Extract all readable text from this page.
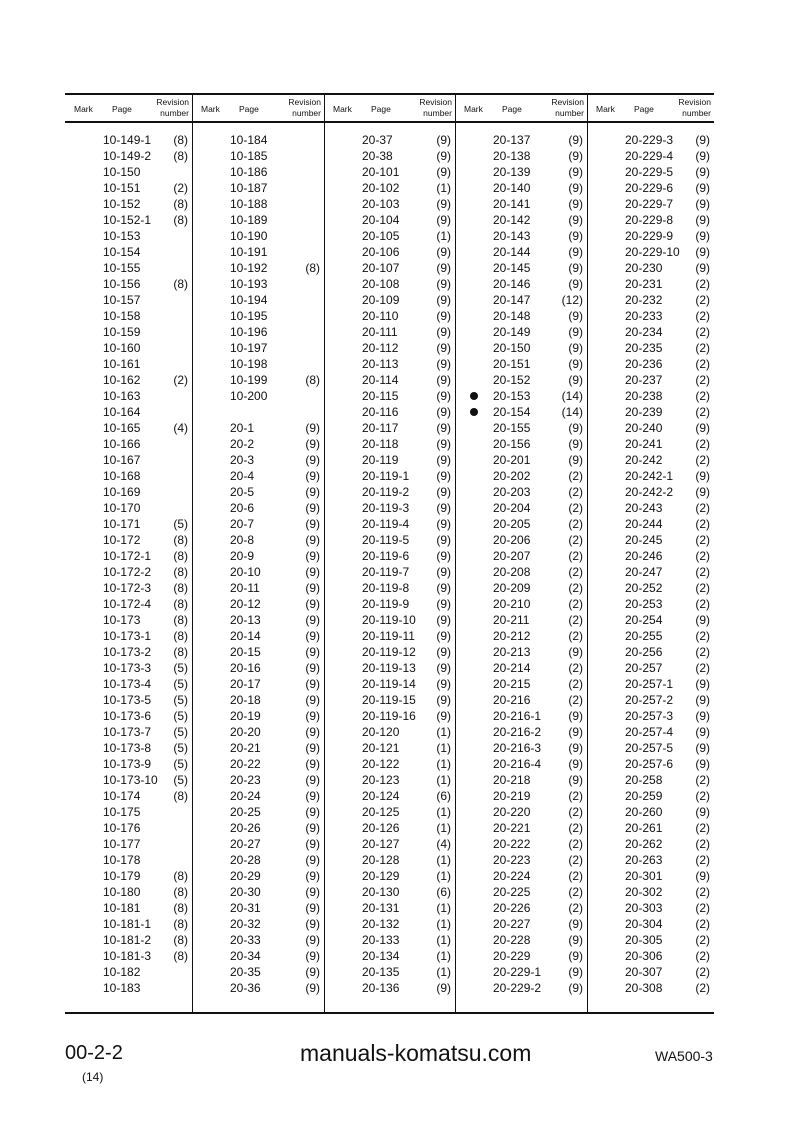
Mark Page
Revision
number
10-149-1 (8)
10-149-2 (8)
10-150
10-151	(2)
10-152	(8)
10-152-1 (8)
10-153
10-154
10-155
10-156	(8)
10-157
10-158
10-159
10-160
10-161
10-162	(2)
10-163
10-164
10-165	(4)
10-166
10-167
10-168
10-169
10-170
10-171	(5)
10-172	(8)
10-172-1 (8)
10-172-2 (8)
10-172-3 (8)
10-172-4 (8)
10-173	(8)
10-173-1 (8)
10-173-2 (8)
10-173-3 (5)
10-173-4 (5)
10-173-5 (5)
10-173-6 (5)
10-173-7 (5)
10-173-8 (5)
10-173-9 (5)
10-173-10 (5)
10-174	(8)
10-175
10-176
10-177
10-178
10-179	(8)
10-180	(8)
10-181	(8)
10-181-1 (8)
10-181-2 (8)
10-181-3 (8)
10-182
10-183
Mark Page
Revision
number
10-184
10-185
10-186
10-187
10-188
10-189
10-190
10-191
10-192	(8)
10-193
10-194
10-195
10-196
10-197
10-198
10-199	(8)
10-200
20-1	(9)
20-2	(9)
20-3	(9)
20-4	(9)
20-5	(9)
20-6	(9)
20-7	(9)
20-8	(9)
20-9	(9)
20-10	(9)
20-11	(9)
20-12	(9)
20-13	(9)
20-14	(9)
20-15	(9)
20-16	(9)
20-17	(9)
20-18	(9)
20-19	(9)
20-20	(9)
20-21	(9)
20-22	(9)
20-23	(9)
20-24	(9)
20-25	(9)
20-26	(9)
20-27	(9)
20-28	(9)
20-29	(9)
20-30	(9)
20-31	(9)
20-32	(9)
20-33	(9)
20-34	(9)
20-35	(9)
20-36	(9)
Mark Page
Revision
number
20-37	(9)
20-38	(9)
20-101	(9)
20-102	(1)
20-103	(9)
20-104	(9)
20-105	(1)
20-106	(9)
20-107	(9)
20-108	(9)
20-109	(9)
20-110	(9)
20-111	(9)
20-112	(9)
20-113	(9)
20-114	(9)
20-115	(9)
20-116	(9)
20-117	(9)
20-118	(9)
20-119	(9)
20-119-1 (9)
20-119-2 (9)
20-119-3 (9)
20-119-4 (9)
20-119-5 (9)
20-119-6 (9)
20-119-7 (9)
20-119-8 (9)
20-119-9 (9)
20-119-10 (9)
20-119-11 (9)
20-119-12 (9)
20-119-13 (9)
20-119-14 (9)
20-119-15 (9)
20-119-16 (9)
20-120	(1)
20-121	(1)
20-122	(1)
20-123	(1)
20-124	(6)
20-125	(1)
20-126	(1)
20-127	(4)
20-128	(1)
20-129	(1)
20-130	(6)
20-131	(1)
20-132	(1)
20-133	(1)
20-134	(1)
20-135	(1)
20-136	(9)
Mark Page
Revision
number
20-137	(9)
20-138	(9)
20-139	(9)
20-140	(9)
20-141	(9)
20-142	(9)
20-143	(9)
20-144	(9)
20-145	(9)
20-146	(9)
20-147	(12)
20-148	(9)
20-149	(9)
20-150	(9)
20-151	(9)
20-152	(9)
20-153	(14)
20-154	(14)
20-155	(9)
20-156	(9)
20-201	(9)
20-202	(2)
20-203	(2)
20-204	(2)
20-205	(2)
20-206	(2)
20-207	(2)
20-208	(2)
20-209	(2)
20-210	(2)
20-211	(2)
20-212	(2)
20-213	(9)
20-214	(2)
20-215	(2)
20-216	(2)
20-216-1 (9)
20-216-2 (9)
20-216-3 (9)
20-216-4 (9)
20-218	(9)
20-219	(2)
20-220	(2)
20-221	(2)
20-222	(2)
20-223	(2)
20-224	(2)
20-225	(2)
20-226	(2)
20-227	(9)
20-228	(9)
20-229	(9)
20-229-1 (9)
20-229-2 (9)
Mark Page
Revision
number
20-229-3 (9)
20-229-4 (9)
20-229-5 (9)
20-229-6 (9)
20-229-7 (9)
20-229-8 (9)
20-229-9 (9)
20-229-10 (9)
20-230	(9)
20-231	(2)
20-232	(2)
20-233	(2)
20-234	(2)
20-235	(2)
20-236	(2)
20-237	(2)
20-238	(2)
20-239	(2)
20-240	(9)
20-241	(2)
20-242	(2)
20-242-1 (9)
20-242-2 (9)
20-243	(2)
20-244	(2)
20-245	(2)
20-246	(2)
20-247	(2)
20-252	(2)
20-253	(2)
20-254	(9)
20-255	(2)
20-256	(2)
20-257	(2)
20-257-1 (9)
20-257-2 (9)
20-257-3 (9)
20-257-4 (9)
20-257-5 (9)
20-257-6 (9)
20-258	(2)
20-259	(2)
20-260	(9)
20-261	(2)
20-262	(2)
20-263	(2)
20-301	(9)
20-302	(2)
20-303	(2)
20-304	(2)
20-305	(2)
20-306	(2)
20-307	(2)
20-308	(2)
manuals-komatsu.com
00-2-2
(14)
WA500-3
